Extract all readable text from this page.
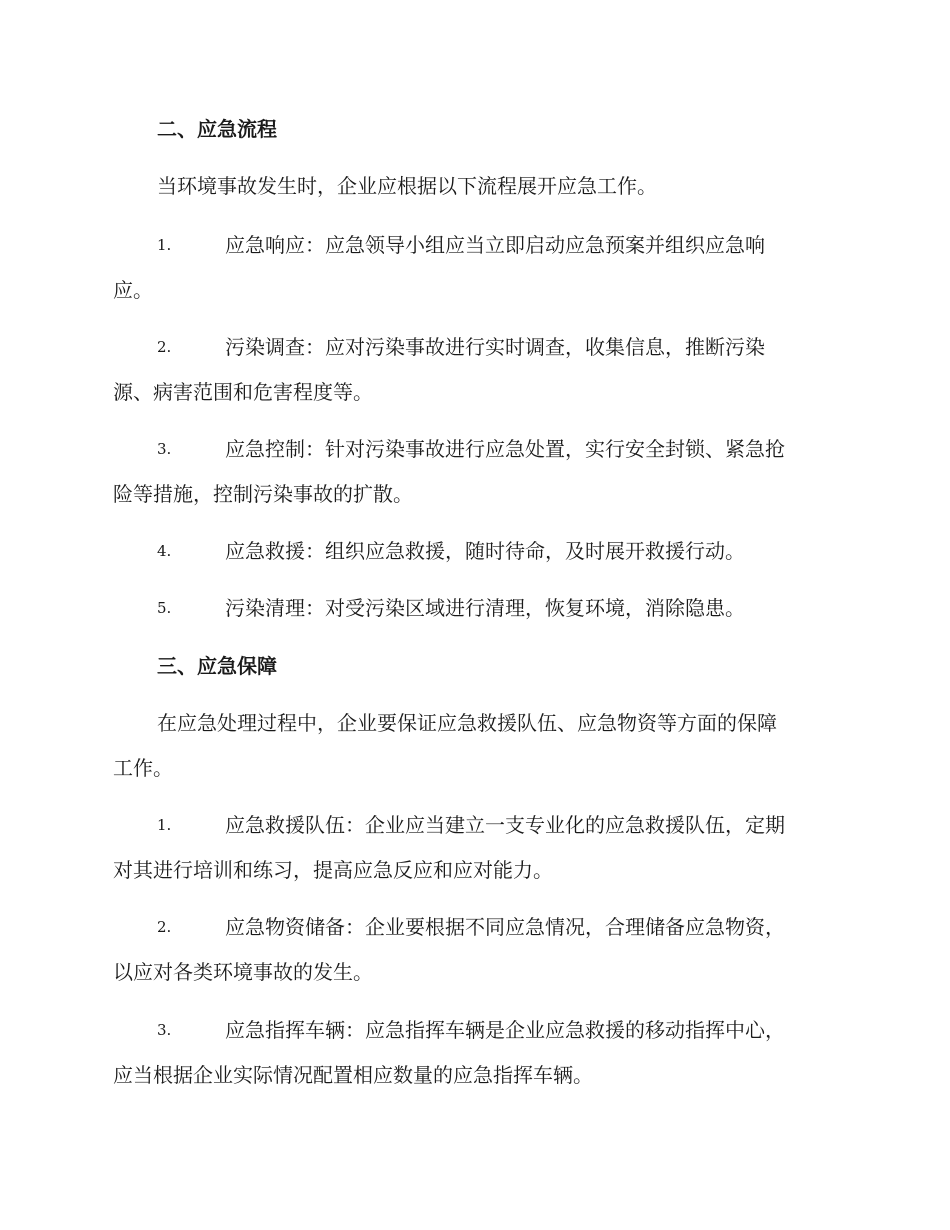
二、应急流程
当环境事故发生时，企业应根据以下流程展开应急工作。
1.	应急响应：应急领导小组应当立即启动应急预案并组织应急响
应。
2.	污染调查：应对污染事故进行实时调查，收集信息，推断污染
源、病害范围和危害程度等。
3.	应急控制：针对污染事故进行应急处置，实行安全封锁、紧急抢
险等措施，控制污染事故的扩散。
4.	应急救援：组织应急救援，随时待命，及时展开救援行动。
5.	污染清理：对受污染区域进行清理，恢复环境，消除隐患。
三、应急保障
在应急处理过程中，企业要保证应急救援队伍、应急物资等方面的保障
工作。
1.	应急救援队伍：企业应当建立一支专业化的应急救援队伍，定期
对其进行培训和练习，提高应急反应和应对能力。
2.	应急物资储备：企业要根据不同应急情况，合理储备应急物资，
以应对各类环境事故的发生。
3.	应急指挥车辆：应急指挥车辆是企业应急救援的移动指挥中心，
应当根据企业实际情况配置相应数量的应急指挥车辆。
